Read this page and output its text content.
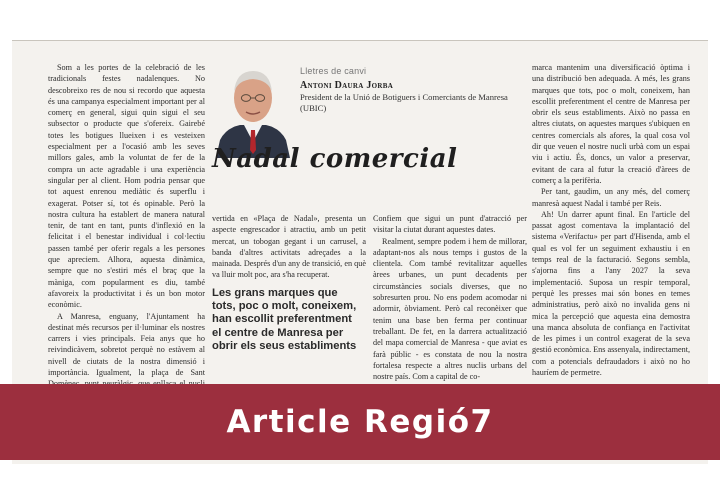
Som a les portes de la celebració de les tradicionals festes nadalenques. No descobreixo res de nou si recordo que aquesta és una campanya especialment important per al comerç en general, sigui quin sigui el seu subsector o producte que s'ofereix. Gairebé totes les botigues llueixen i es vesteixen especialment per a l'ocasió amb les seves millors gales, amb la voluntat de fer de la compra un acte agradable i una experiència singular per al client. Hom podria pensar que tot aquest enrenou mediàtic és superflu i exagerat. Potser sí, tot és opinable. Però la nostra cultura ha establert de manera natural tenir, de tant en tant, punts d'inflexió en la felicitat i el benestar individual i col·lectiu passen també per oferir regals a les persones que apreciem. Alhora, aquesta dinàmica, sempre que no s'estiri més el braç que la màniga, com popularment es diu, també afavoreix la productivitat i és un bon motor econòmic.

A Manresa, enguany, l'Ajuntament ha destinat més recursos per il·luminar els nostres carrers i vies principals. Feia anys que ho reivindicàvem, sobretot perquè no estàvem al nivell de ciutats de la nostra dimensió i importància. Igualment, la plaça de Sant

Lletres de canvi
Antoni Daura Jorba
President de la Unió de Botiguers i Comerciants de Manresa (UBIC)
Nadal comercial

vertida en «Plaça de Nadal», presenta un aspecte engrescador i atractiu, amb un petit mercat, un tobogan gegant i un carrusel, a banda d'altres activitats adreçades a la mainada. Després d'un any de transició, en què va lluir molt poc, ara s'ha recuperat.

Les grans marques que tots, poc o molt, coneixem, han escollit preferentment el centre de Manresa per obrir els seus establiments

Confiem que sigui un punt d'atracció per visitar la ciutat durant aquestes dates.

Realment, sempre podem i hem de millorar, adaptant-nos als nous temps i gustos de la clientela. Com també revitalitzar aquelles àrees urbanes, un punt decadents per circumstàncies socials diverses, que no sobresurten prou. No ens podem acomodar ni adormir, òbviament. Però cal reconèixer que tenim una base ben ferma per continuar treballant. De fet, en la darrera actualització del mapa comercial de Manresa - que aviat es farà públic - es constata de nou la nostra fortalesa respecte a altres nuclis urbans del nostre país. Com a capital de co-

marca mantenim una diversificació òptima i una distribució ben adequada. A més, les grans marques que tots, poc o molt, coneixem, han escollit preferentment el centre de Manresa per obrir els seus establiments. Això no passa en altres ciutats, on aquestes marques s'ubiquen en centres comercials als afores, la qual cosa vol dir que veuen el nostre nucli urbà com un espai viu i actiu. És, doncs, un valor a preservar, evitant de cara al futur la creació d'àrees de comerç a la perifèria.

Per tant, gaudim, un any més, del comerç manresà aquest Nadal i també per Reis.

Ah! Un darrer apunt final. En l'article del passat agost comentava la implantació del sistema «Verifactu» per part d'Hisenda, amb el qual es vol fer un seguiment exhaustiu i en temps real de la facturació. Segons sembla, s'ajorna fins a l'any 2027 la seva implementació. Suposa un respir temporal, perquè les presses mai són bones en temes administratius, però això no invalida gens ni mica la percepció que aquesta eina demostra una manca absoluta de confiança en l'activitat de les pimes i un control exagerat de la seva gestió econòmica. Ens assenyala, indirectament, com a potencials defraudadors i això no ho hauríem de permetre.

Article Regió7
